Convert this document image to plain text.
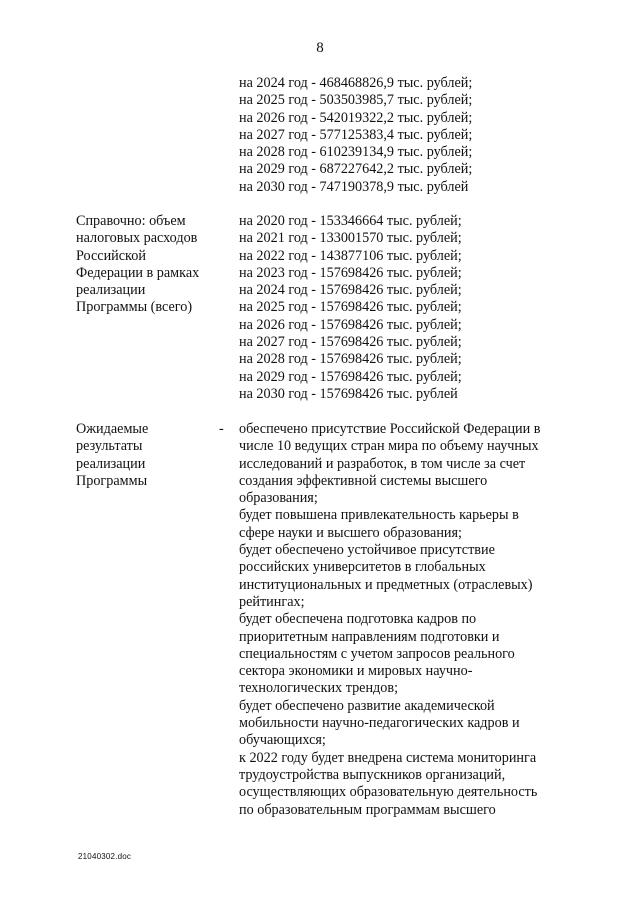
8
на 2024 год - 468468826,9 тыс. рублей;
на 2025 год - 503503985,7 тыс. рублей;
на 2026 год - 542019322,2 тыс. рублей;
на 2027 год - 577125383,4 тыс. рублей;
на 2028 год - 610239134,9 тыс. рублей;
на 2029 год - 687227642,2 тыс. рублей;
на 2030 год - 747190378,9 тыс. рублей
Справочно: объем
налоговых расходов
Российской
Федерации в рамках
реализации
Программы (всего)
на 2020 год - 153346664 тыс. рублей;
на 2021 год - 133001570 тыс. рублей;
на 2022 год - 143877106 тыс. рублей;
на 2023 год - 157698426 тыс. рублей;
на 2024 год - 157698426 тыс. рублей;
на 2025 год - 157698426 тыс. рублей;
на 2026 год - 157698426 тыс. рублей;
на 2027 год - 157698426 тыс. рублей;
на 2028 год - 157698426 тыс. рублей;
на 2029 год - 157698426 тыс. рублей;
на 2030 год - 157698426 тыс. рублей
Ожидаемые
результаты
реализации
Программы
- обеспечено присутствие Российской Федерации в
числе 10 ведущих стран мира по объему научных
исследований и разработок, в том числе за счет
создания эффективной системы высшего
образования;
будет повышена привлекательность карьеры в
сфере науки и высшего образования;
будет обеспечено устойчивое присутствие
российских университетов в глобальных
институциональных и предметных (отраслевых)
рейтингах;
будет обеспечена подготовка кадров по
приоритетным направлениям подготовки и
специальностям с учетом запросов реального
сектора экономики и мировых научно-
технологических трендов;
будет обеспечено развитие академической
мобильности научно-педагогических кадров и
обучающихся;
к 2022 году будет внедрена система мониторинга
трудоустройства выпускников организаций,
осуществляющих образовательную деятельность
по образовательным программам высшего
21040302.doc
